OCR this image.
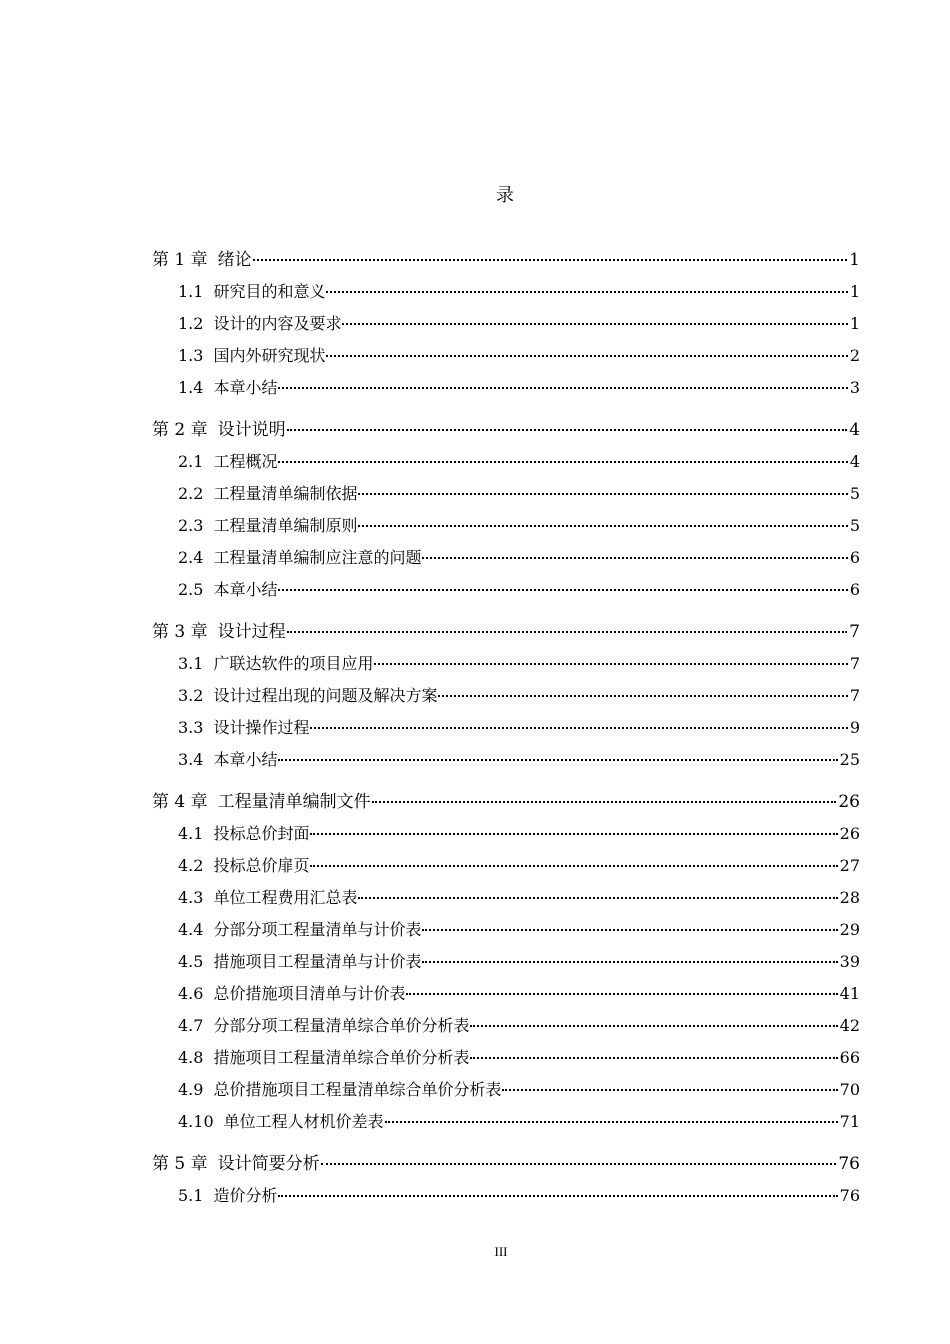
录
第 1 章 绪论	1
1.1 研究目的和意义	1
1.2 设计的内容及要求	1
1.3 国内外研究现状	2
1.4 本章小结	3
第 2 章 设计说明	4
2.1 工程概况	4
2.2 工程量清单编制依据	5
2.3 工程量清单编制原则	5
2.4 工程量清单编制应注意的问题	6
2.5 本章小结	6
第 3 章 设计过程	7
3.1 广联达软件的项目应用	7
3.2 设计过程出现的问题及解决方案	7
3.3 设计操作过程	9
3.4 本章小结	25
第 4 章 工程量清单编制文件	26
4.1 投标总价封面	26
4.2 投标总价扉页	27
4.3 单位工程费用汇总表	28
4.4 分部分项工程量清单与计价表	29
4.5 措施项目工程量清单与计价表	39
4.6 总价措施项目清单与计价表	41
4.7 分部分项工程量清单综合单价分析表	42
4.8 措施项目工程量清单综合单价分析表	66
4.9 总价措施项目工程量清单综合单价分析表	70
4.10 单位工程人材机价差表	71
第 5 章 设计简要分析	76
5.1 造价分析	76
III
